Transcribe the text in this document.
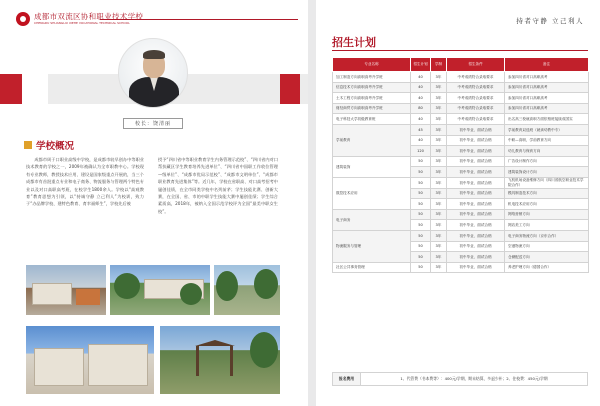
成都市双流区协和职业技术学校
CHENGDU SHUANGLIU XIEHE VOCATIONAL TECHNICAL SCHOOL
校长：饶清丽
学校概况

成都市周于口职业高级中学校，是成都市较早创办中等职业技术教育的学校之一，2009年被确认为全市职教中心。学校现有专业教师，教授技术应用、建设是国家级重点开展的，当三个成都市有首批重点专业和电子商务、物流服务与管理两个特色专业以及对口高职高考班，在校学生1800余人。学校以“高观教育”教育思想为引领，以“持诚守静 立己利人”为校训，致力于“办品牌学校、建特色教育、育幸福师生”，学校先后被

授予“四川省中等职业教育学生内务管理示范校”、“四川省内对口帮扶藏区学生教育培养先进单位”、“四川省中国职工作收位管理—级单位”、“成都市优局示范校”、“成都市文明单位”、“成都市职业教育先进集体”等。近几年，学校在省职高、对口高考招考中屡创佳绩，在全市同类学校中名列前茅；学生技能比赛、创新大赛，在全国、省、市的中职学生技能大赛中屡创佳绩；学生综合素质高，2018年，被纳入全国示范学校评为全国“最美中职女生校”。

持者守静 立己利人
招生计划
专业名称	招生计划	学制	招生条件	备注
加工制造方向高职高考升学班	40	3年	中考成绩符合录取要求	参加四川省对口高职高考
信息技术方向高职高考升学班	40	3年	中考成绩符合录取要求	参加四川省对口高职高考
土木工程方向高职高考升学班	40	3年	中考成绩符合录取要求	参加四川省对口高职高考
财经商贸方向高职高考升学班	80	3年	中考成绩符合录取要求	参加四川省对口高职高考
电子科技大学初级教育班	40	3年	中考成绩符合录取要求	出名高三校就高职方面依格班接续成国实
学前教育	45	3年	初中毕业、面试合格	学前教育双选班（就读幼教中专）
	40	3年	初中毕业、面试合格	中职—高职，学前教育方向
	120	3年	初中毕业、面试合格	幼儿教育与保育方向
建筑装饰	50	3年	初中毕业、面试合格	广告设计制作方向
	50	3年	初中毕业、面试合格	建筑装饰设计方向
数控技术应用	50	3年	初中毕业、面试合格	飞机机场设备维修方向（四川省航空职业技术学院合作）
	50	3年	初中毕业、面试合格	模具制造技术方向
	50	3年	初中毕业、面试合格	机电技术应用方向
电子商务	50	3年	初中毕业、面试合格	网络营销方向
	50	3年	初中毕业、面试合格	网店美工方向
物流服务与管理	50	3年	初中毕业、面试合格	电子商务物流方向（京东合作）
	50	3年	初中毕业、面试合格	空港物流方向
	50	3年	初中毕业、面试合格	仓储配送方向
社区公共事务管理	50	3年	初中毕业、面试合格	养老护理方向（德国合作）
报名费用	1、代管费（书本费等）：400元/学期，期末结算，多退少补；2、住校费：450元/学期
